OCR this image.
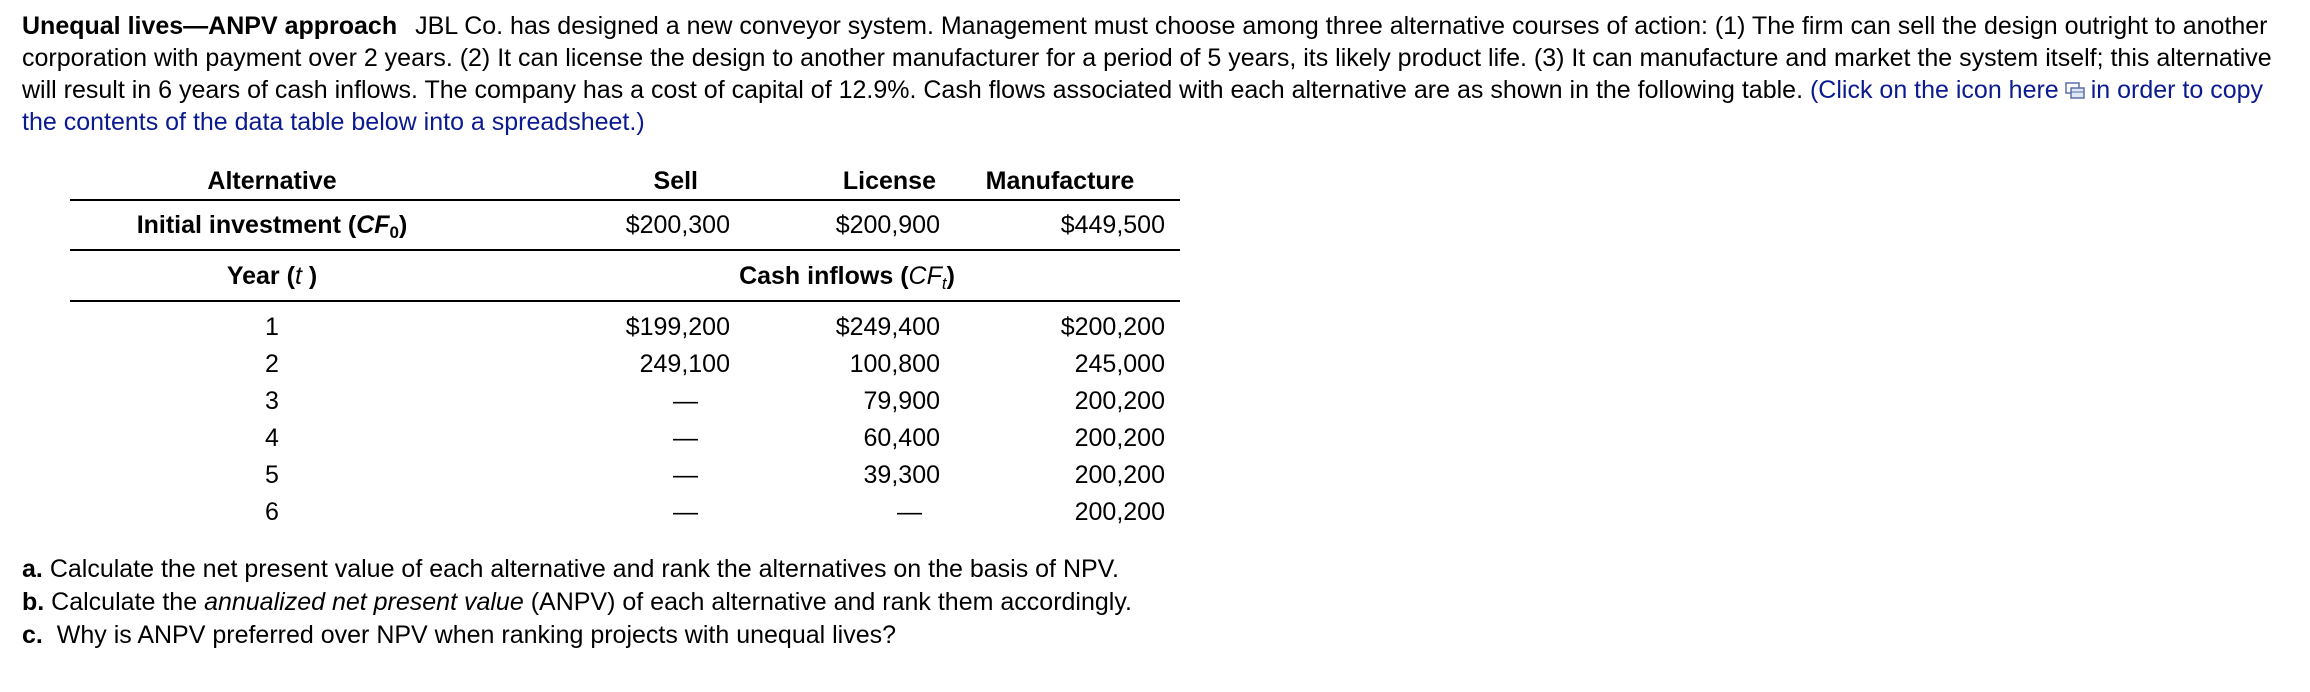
Unequal lives—ANPV approach JBL Co. has designed a new conveyor system. Management must choose among three alternative courses of action: (1) The firm can sell the design outright to another corporation with payment over 2 years. (2) It can license the design to another manufacturer for a period of 5 years, its likely product life. (3) It can manufacture and market the system itself; this alternative will result in 6 years of cash inflows. The company has a cost of capital of 12.9%. Cash flows associated with each alternative are as shown in the following table. (Click on the icon here in order to copy the contents of the data table below into a spreadsheet.)
Alternative	Sell	License	Manufacture
Initial investment $(CF_0)$	$200,300	$200,900	$449,500
Year (t )	Cash inflows $(CF_t)$		
1	$199,200	$249,400	$200,200
2	249,100	100,800	245,000
3	—	79,900	200,200
4	—	60,400	200,200
5	—	39,300	200,200
6	—	—	200,200
a. Calculate the net present value of each alternative and rank the alternatives on the basis of NPV.
b. Calculate the annualized net present value (ANPV) of each alternative and rank them accordingly.
c. Why is ANPV preferred over NPV when ranking projects with unequal lives?
